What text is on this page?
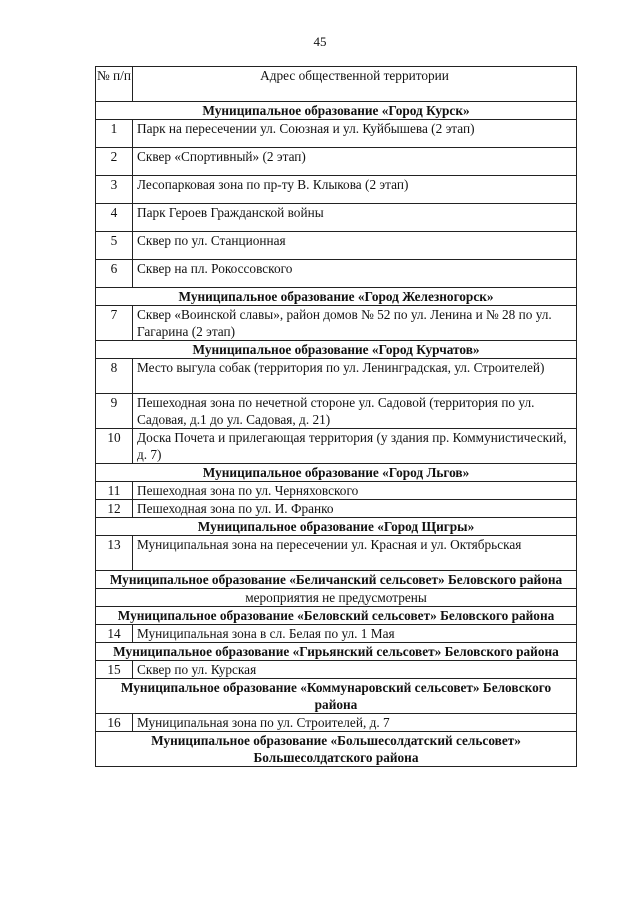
45
№ п/п	Адрес общественной территории
Муниципальное образование «Город Курск»	
1	Парк на пересечении ул. Союзная и ул. Куйбышева (2 этап)
2	Сквер «Спортивный» (2 этап)
3	Лесопарковая зона по пр-ту В. Клыкова (2 этап)
4	Парк Героев Гражданской войны
5	Сквер по ул. Станционная
6	Сквер на пл. Рокоссовского
Муниципальное образование «Город Железногорск»	
7	Сквер «Воинской славы», район домов № 52 по ул. Ленина и № 28 по ул. Гагарина (2 этап)
Муниципальное образование «Город Курчатов»	
8	Место выгула собак (территория по ул. Ленинградская, ул. Строителей)
9	Пешеходная зона по нечетной стороне ул. Садовой (территория по ул. Садовая, д.1 до ул. Садовая, д. 21)
10	Доска Почета и прилегающая территория (у здания пр. Коммунистический, д. 7)
Муниципальное образование «Город Льгов»	
11	Пешеходная зона по ул. Черняховского
12	Пешеходная зона по ул. И. Франко
Муниципальное образование «Город Щигры»	
13	Муниципальная зона на пересечении ул. Красная и ул. Октябрьская
Муниципальное образование «Беличанский сельсовет» Беловского района	
мероприятия не предусмотрены	
Муниципальное образование «Беловский сельсовет» Беловского района	
14	Муниципальная зона в сл. Белая по ул. 1 Мая
Муниципальное образование «Гирьянский сельсовет» Беловского района	
15	Сквер по ул. Курская
Муниципальное образование «Коммунаровский сельсовет» Беловского района	
16	Муниципальная зона по ул. Строителей, д. 7
Муниципальное образование «Большесолдатский сельсовет» Большесолдатского района	
